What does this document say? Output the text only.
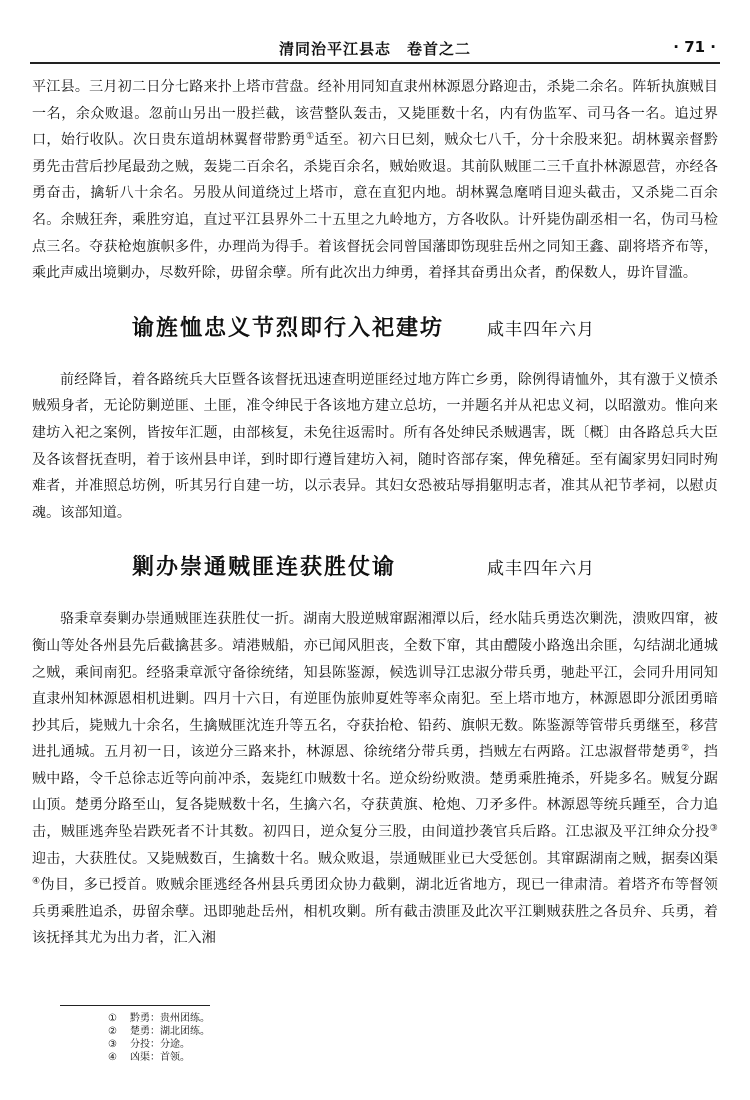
清同治平江县志　卷首之二	· 71 ·

平江县。三月初二日分七路来扑上塔市营盘。经补用同知直隶州林源恩分路迎击，杀毙二余名。阵斩执旗贼目一名，余众败退。忽前山另出一股拦截，该营整队轰击，又毙匪数十名，内有伪监军、司马各一名。追过界口，始行收队。次日贵东道胡林翼督带黔勇①适至。初六日巳刻，贼众七八千，分十余股来犯。胡林翼亲督黔勇先击营后抄尾最劲之贼，轰毙二百余名，杀毙百余名，贼始败退。其前队贼匪二三千直扑林源恩营，亦经各勇奋击，擒斩八十余名。另股从间道绕过上塔市，意在直犯内地。胡林翼急麾哨目迎头截击，又杀毙二百余名。余贼狂奔，乘胜穷追，直过平江县界外二十五里之九岭地方，方各收队。计歼毙伪副丞相一名，伪司马检点三名。夺获枪炮旗帜多件，办理尚为得手。着该督抚会同曾国藩即饬现驻岳州之同知王鑫、副将塔齐布等，乘此声威出境剿办，尽数歼除，毋留余孽。所有此次出力绅勇，着择其奋勇出众者，酌保数人，毋许冒滥。

谕旌恤忠义节烈即行入祀建坊	咸丰四年六月

前经降旨，着各路统兵大臣暨各该督抚迅速查明逆匪经过地方阵亡乡勇，除例得请恤外，其有激于义愤杀贼殒身者，无论防剿逆匪、土匪，准令绅民于各该地方建立总坊，一并题名并从祀忠义祠，以昭激劝。惟向来建坊入祀之案例，皆按年汇题，由部核复，未免往返需时。所有各处绅民杀贼遇害，既〔概〕由各路总兵大臣及各该督抚查明，着于该州县申详，到时即行遵旨建坊入祠，随时咨部存案，俾免稽延。至有阖家男妇同时殉难者，并准照总坊例，听其另行自建一坊，以示表异。其妇女恐被玷辱捐躯明志者，准其从祀节孝祠，以慰贞魂。该部知道。

剿办崇通贼匪连获胜仗谕	咸丰四年六月

骆秉章奏剿办崇通贼匪连获胜仗一折。湖南大股逆贼窜踞湘潭以后，经水陆兵勇迭次剿洗，溃败四窜，被衡山等处各州县先后截擒甚多。靖港贼船，亦已闻风胆丧，全数下窜，其由醴陵小路逸出余匪，勾结湖北通城之贼，乘间南犯。经骆秉章派守备徐统绪，知县陈鉴源，候选训导江忠淑分带兵勇，驰赴平江，会同升用同知直隶州知林源恩相机进剿。四月十六日，有逆匪伪旅帅夏姓等率众南犯。至上塔市地方，林源恩即分派团勇暗抄其后，毙贼九十余名，生擒贼匪沈连升等五名，夺获抬枪、铅药、旗帜无数。陈鉴源等管带兵勇继至，移营进扎通城。五月初一日，该逆分三路来扑，林源恩、徐统绪分带兵勇，挡贼左右两路。江忠淑督带楚勇②，挡贼中路，令千总徐志近等向前冲杀，轰毙红巾贼数十名。逆众纷纷败溃。楚勇乘胜掩杀，歼毙多名。贼复分踞山顶。楚勇分路至山，复各毙贼数十名，生擒六名，夺获黄旗、枪炮、刀矛多件。林源恩等统兵踵至，合力追击，贼匪逃奔坠岩跌死者不计其数。初四日，逆众复分三股，由间道抄袭官兵后路。江忠淑及平江绅众分投③迎击，大获胜仗。又毙贼数百，生擒数十名。贼众败退，崇通贼匪业已大受惩创。其窜踞湖南之贼，据奏凶渠④伪目，多已授首。败贼余匪逃经各州县兵勇团众协力截剿，湖北近省地方，现已一律肃清。着塔齐布等督领兵勇乘胜追杀，毋留余孽。迅即驰赴岳州，相机攻剿。所有截击溃匪及此次平江剿贼获胜之各员弁、兵勇，着该抚择其尤为出力者，汇入湘

① 黔勇：贵州团练。
② 楚勇：湖北团练。
③ 分投：分途。
④ 凶渠：首领。
